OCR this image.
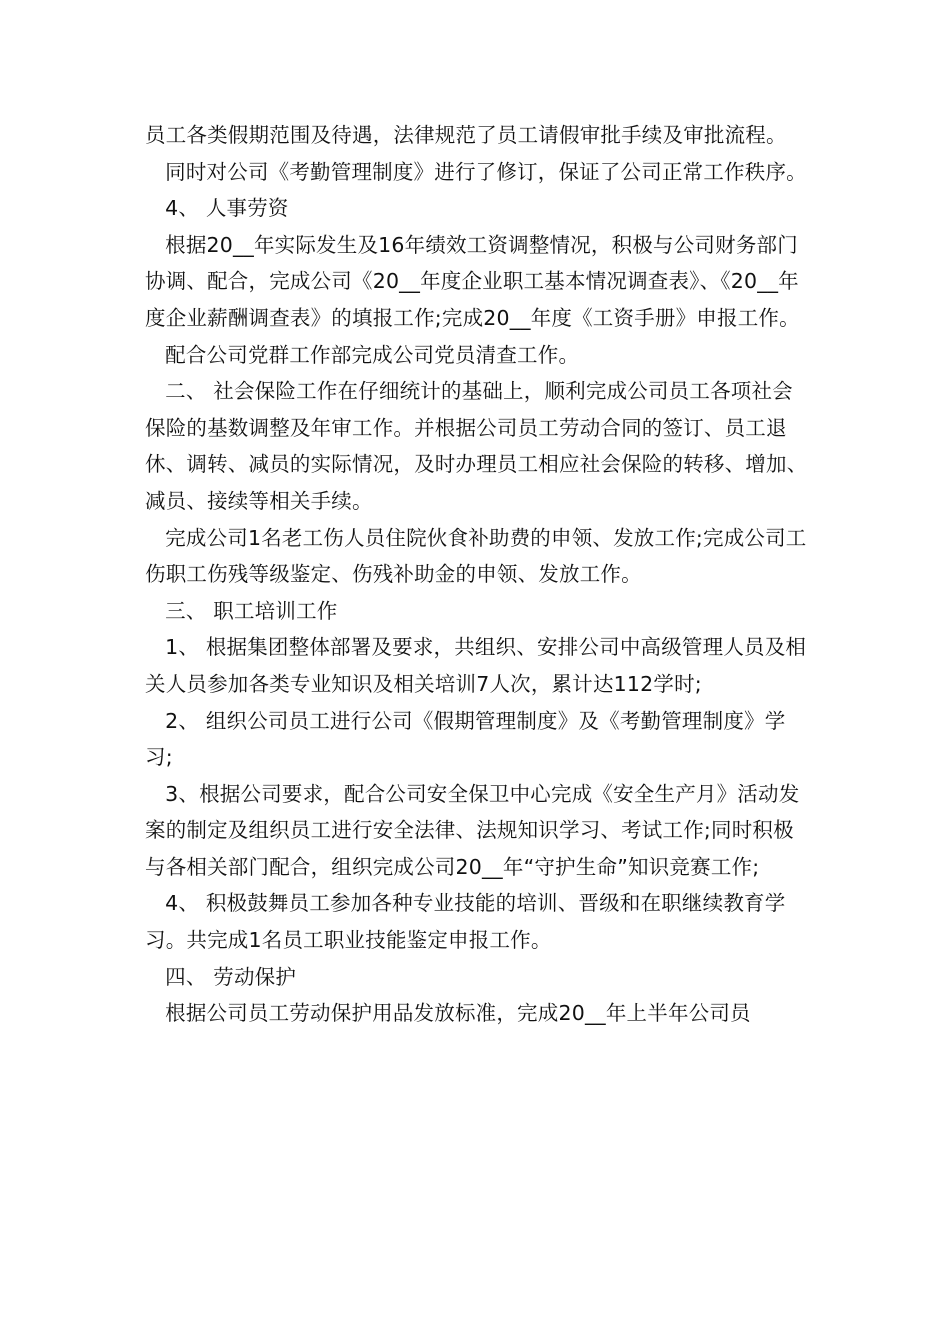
员工各类假期范围及待遇，法律规范了员工请假审批手续及审批流程。

同时对公司《考勤管理制度》进行了修订，保证了公司正常工作秩序。

4、 人事劳资

根据20__年实际发生及16年绩效工资调整情况，积极与公司财务部门协调、配合，完成公司《20__年度企业职工基本情况调查表》、《20__年度企业薪酬调查表》的填报工作;完成20__年度《工资手册》申报工作。

配合公司党群工作部完成公司党员清查工作。

二、 社会保险工作在仔细统计的基础上，顺利完成公司员工各项社会保险的基数调整及年审工作。并根据公司员工劳动合同的签订、员工退休、调转、减员的实际情况，及时办理员工相应社会保险的转移、增加、减员、接续等相关手续。

完成公司1名老工伤人员住院伙食补助费的申领、发放工作;完成公司工伤职工伤残等级鉴定、伤残补助金的申领、发放工作。

三、 职工培训工作

1、 根据集团整体部署及要求，共组织、安排公司中高级管理人员及相关人员参加各类专业知识及相关培训7人次，累计达112学时;

2、 组织公司员工进行公司《假期管理制度》及《考勤管理制度》学习;

3、根据公司要求，配合公司安全保卫中心完成《安全生产月》活动发案的制定及组织员工进行安全法律、法规知识学习、考试工作;同时积极与各相关部门配合，组织完成公司20__年“守护生命”知识竞赛工作;

4、 积极鼓舞员工参加各种专业技能的培训、晋级和在职继续教育学习。共完成1名员工职业技能鉴定申报工作。

四、 劳动保护

根据公司员工劳动保护用品发放标准，完成20__年上半年公司员
